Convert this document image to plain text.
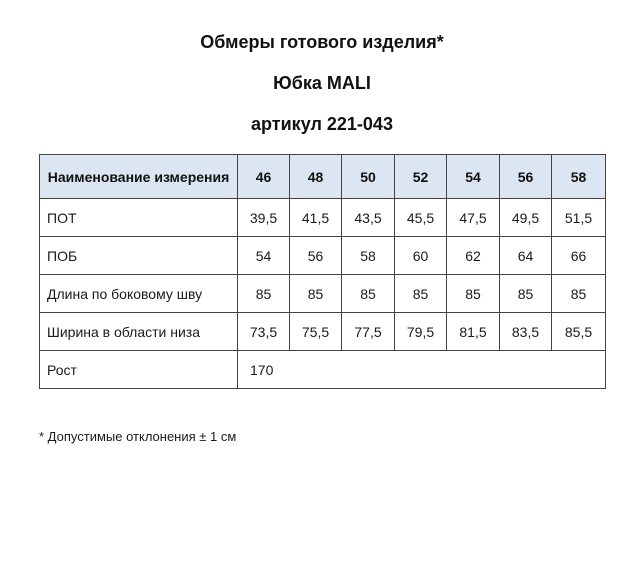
Обмеры готового изделия*
Юбка MALI
артикул 221-043
Наименование измерения	46	48	50	52	54	56	58
ПОТ	39,5	41,5	43,5	45,5	47,5	49,5	51,5
ПОБ	54	56	58	60	62	64	66
Длина по боковому шву	85	85	85	85	85	85	85
Ширина в области низа	73,5	75,5	77,5	79,5	81,5	83,5	85,5
Рост	170						
* Допустимые отклонения ± 1 см
